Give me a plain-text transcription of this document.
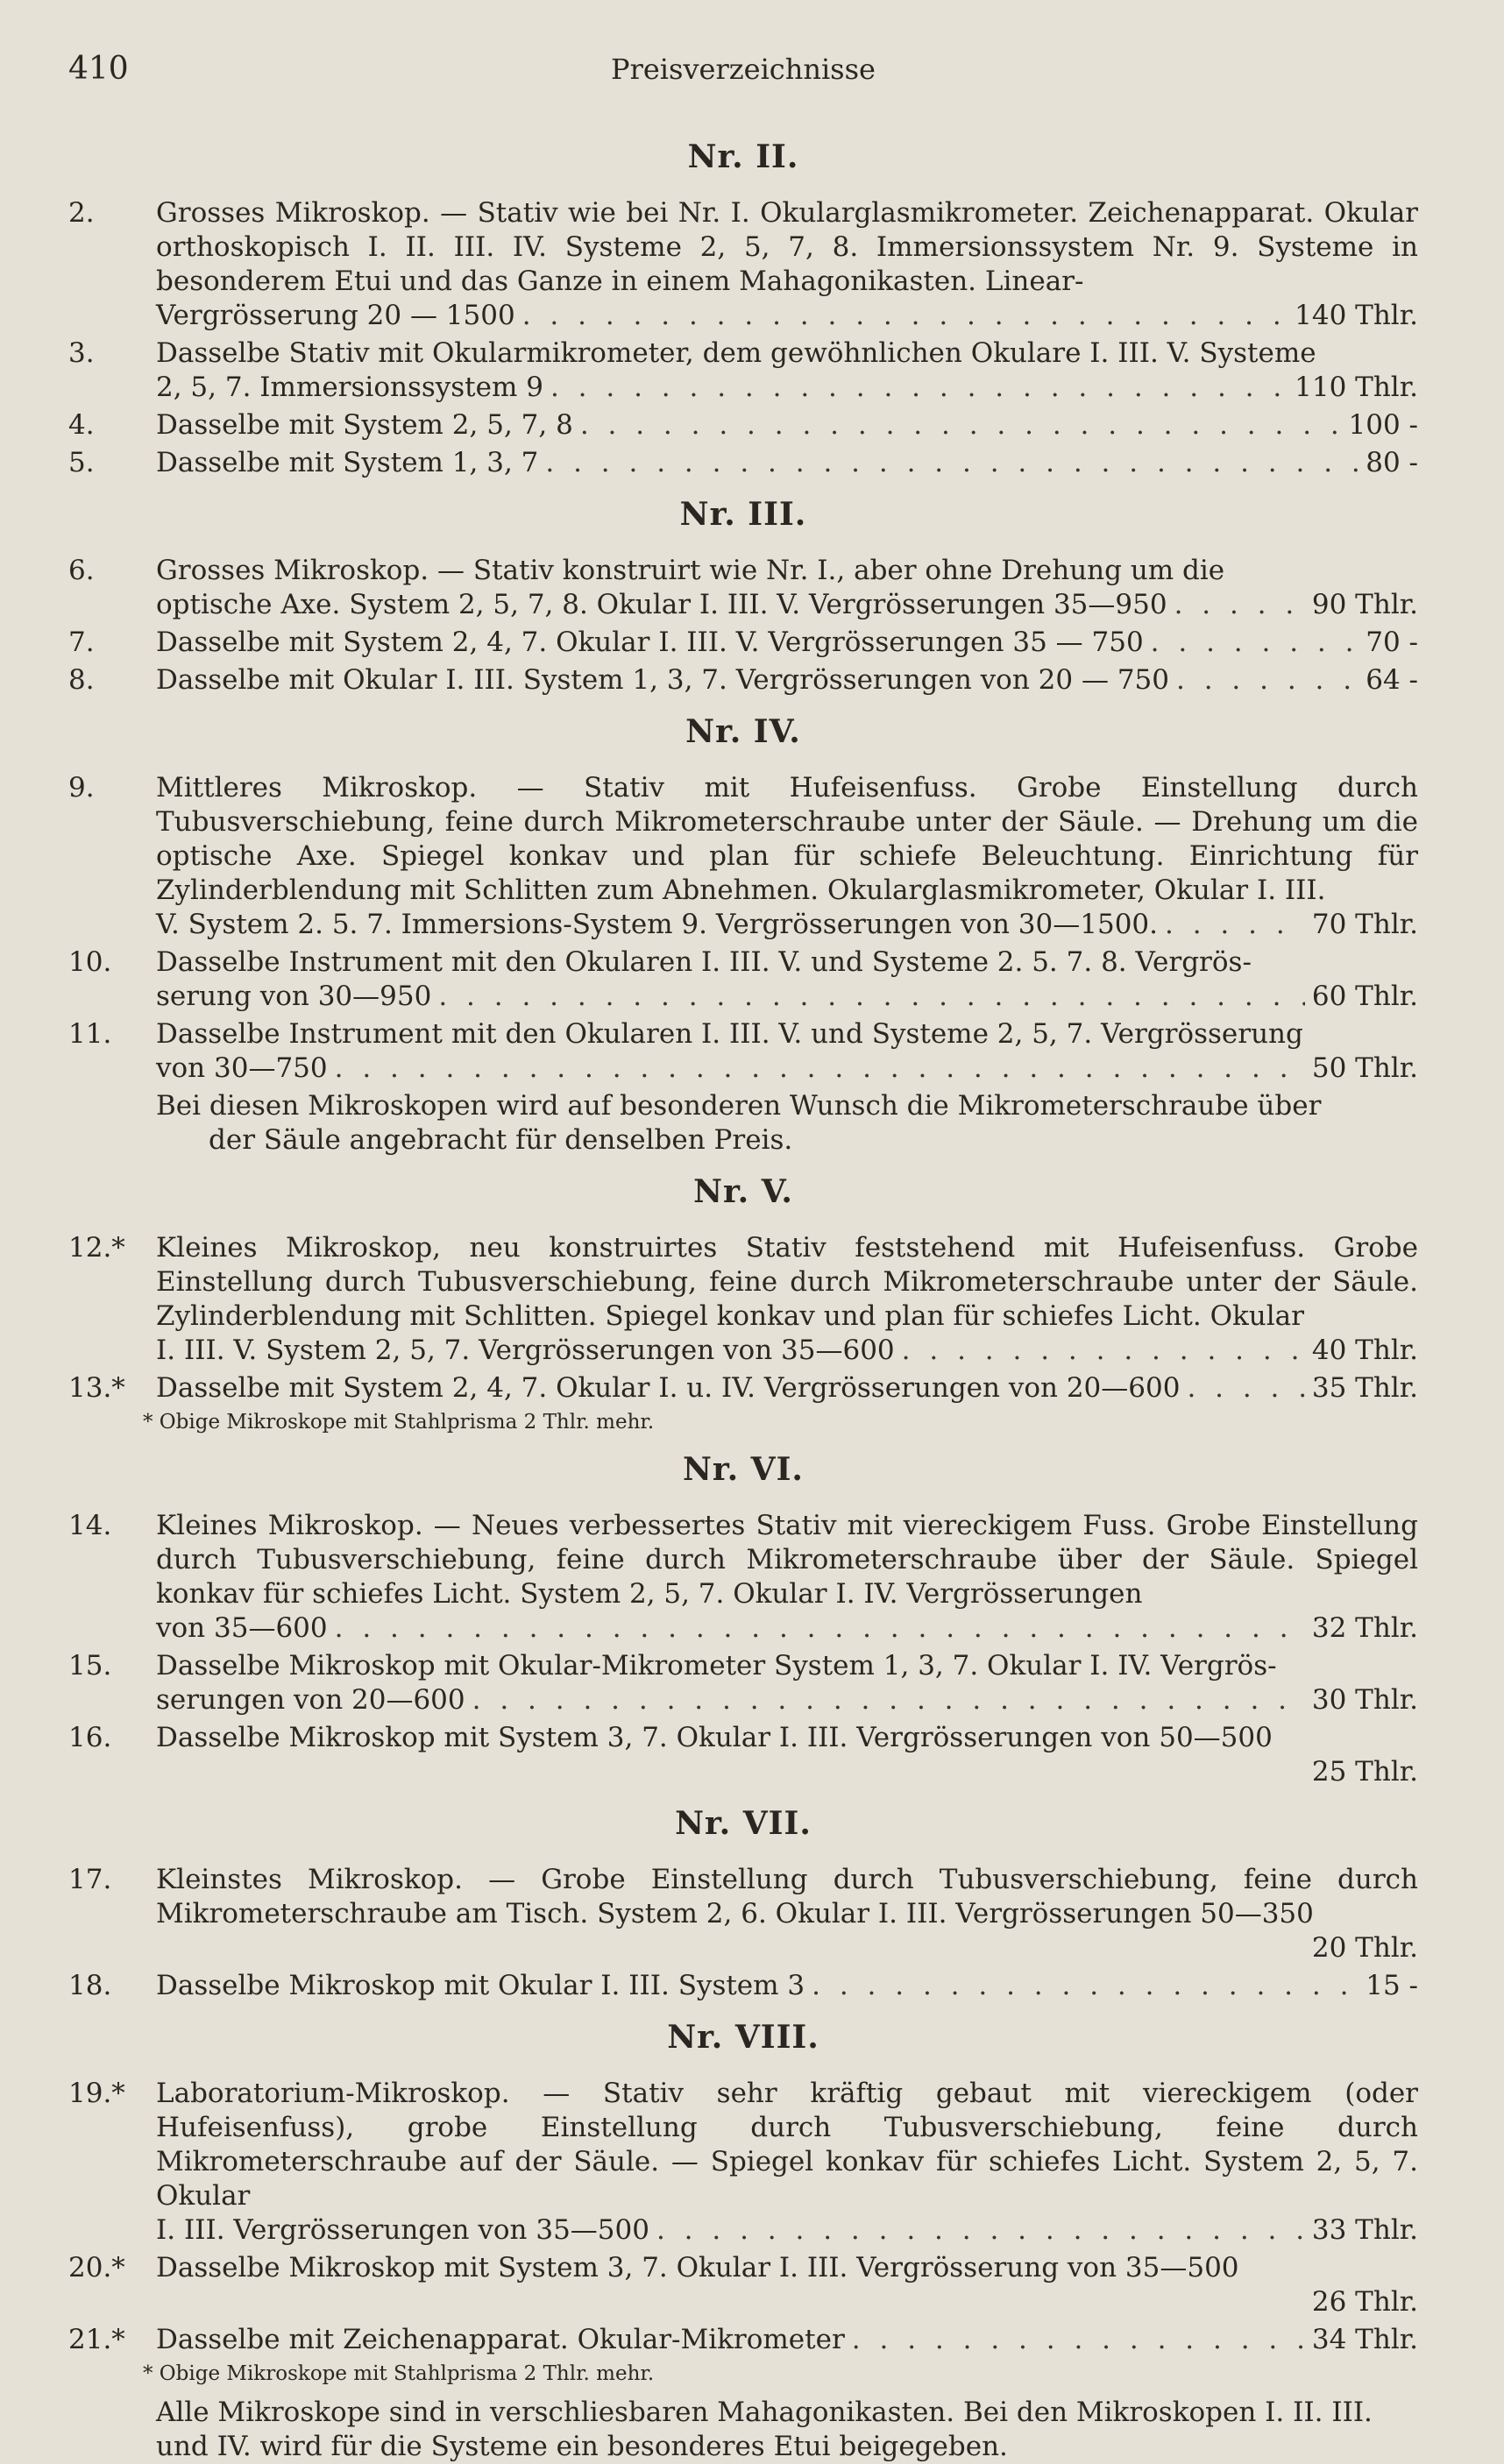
410	Preisverzeichnisse
Nr. II.
2.	Grosses Mikroskop. — Stativ wie bei Nr. I. Okularglasmikrometer. Zeichenapparat. Okular orthoskopisch I. II. III. IV. Systeme 2, 5, 7, 8. Immersionssystem Nr. 9. Systeme in besonderem Etui und das Ganze in einem Mahagonikasten. Linear-
Vergrösserung 20 — 1500 . . .	140 Thlr.
3.	Dasselbe Stativ mit Okularmikrometer, dem gewöhnlichen Okulare I. III. V. Systeme
2, 5, 7. Immersionssystem 9 . . .	110 Thlr.
4.	Dasselbe mit System 2, 5, 7, 8 . . .	100 -
5.	Dasselbe mit System 1, 3, 7 . . .	80 -
Nr. III.
6.	Grosses Mikroskop. — Stativ konstruirt wie Nr. I., aber ohne Drehung um die
optische Axe. System 2, 5, 7, 8. Okular I. III. V. Vergrösserungen 35—950 . . .	90 Thlr.
7.	Dasselbe mit System 2, 4, 7. Okular I. III. V. Vergrösserungen 35 — 750 . . .	70 -
8.	Dasselbe mit Okular I. III. System 1, 3, 7. Vergrösserungen von 20 — 750 . . .	64 -
Nr. IV.
9.	Mittleres Mikroskop. — Stativ mit Hufeisenfuss. Grobe Einstellung durch Tubusverschiebung, feine durch Mikrometerschraube unter der Säule. — Drehung um die optische Axe. Spiegel konkav und plan für schiefe Beleuchtung. Einrichtung für Zylinderblendung mit Schlitten zum Abnehmen. Okularglasmikrometer, Okular I. III.
V. System 2. 5. 7. Immersions-System 9. Vergrösserungen von 30—1500. . . .	70 Thlr.
10.	Dasselbe Instrument mit den Okularen I. III. V. und Systeme 2. 5. 7. 8. Vergrös-
serung von 30—950 . . .	60 Thlr.
11.	Dasselbe Instrument mit den Okularen I. III. V. und Systeme 2, 5, 7. Vergrösserung
von 30—750 . . .	50 Thlr.
Bei diesen Mikroskopen wird auf besonderen Wunsch die Mikrometerschraube über
der Säule angebracht für denselben Preis.
Nr. V.
12.*	Kleines Mikroskop, neu konstruirtes Stativ feststehend mit Hufeisenfuss. Grobe Einstellung durch Tubusverschiebung, feine durch Mikrometerschraube unter der Säule. Zylinderblendung mit Schlitten. Spiegel konkav und plan für schiefes Licht. Okular
I. III. V. System 2, 5, 7. Vergrösserungen von 35—600 . . .	40 Thlr.
13.*	Dasselbe mit System 2, 4, 7. Okular I. u. IV. Vergrösserungen von 20—600 . . .	35 Thlr.
* Obige Mikroskope mit Stahlprisma 2 Thlr. mehr.
Nr. VI.
14.	Kleines Mikroskop. — Neues verbessertes Stativ mit viereckigem Fuss. Grobe Einstellung durch Tubusverschiebung, feine durch Mikrometerschraube über der Säule. Spiegel konkav für schiefes Licht. System 2, 5, 7. Okular I. IV. Vergrösserungen
von 35—600 . . .	32 Thlr.
15.	Dasselbe Mikroskop mit Okular-Mikrometer System 1, 3, 7. Okular I. IV. Vergrös-
serungen von 20—600 . . .	30 Thlr.
16.	Dasselbe Mikroskop mit System 3, 7. Okular I. III. Vergrösserungen von 50—500
25 Thlr.
Nr. VII.
17.	Kleinstes Mikroskop. — Grobe Einstellung durch Tubusverschiebung, feine durch Mikrometerschraube am Tisch. System 2, 6. Okular I. III. Vergrösserungen 50—350
20 Thlr.
18.	Dasselbe Mikroskop mit Okular I. III. System 3 . . .	15 -
Nr. VIII.
19.*	Laboratorium-Mikroskop. — Stativ sehr kräftig gebaut mit viereckigem (oder Hufeisenfuss), grobe Einstellung durch Tubusverschiebung, feine durch Mikrometerschraube auf der Säule. — Spiegel konkav für schiefes Licht. System 2, 5, 7. Okular
I. III. Vergrösserungen von 35—500 . . .	33 Thlr.
20.*	Dasselbe Mikroskop mit System 3, 7. Okular I. III. Vergrösserung von 35—500
26 Thlr.
21.*	Dasselbe mit Zeichenapparat. Okular-Mikrometer . . .	34 Thlr.
* Obige Mikroskope mit Stahlprisma 2 Thlr. mehr.
Alle Mikroskope sind in verschliesbaren Mahagonikasten. Bei den Mikroskopen I. II. III. und IV. wird für die Systeme ein besonderes Etui beigegeben.
